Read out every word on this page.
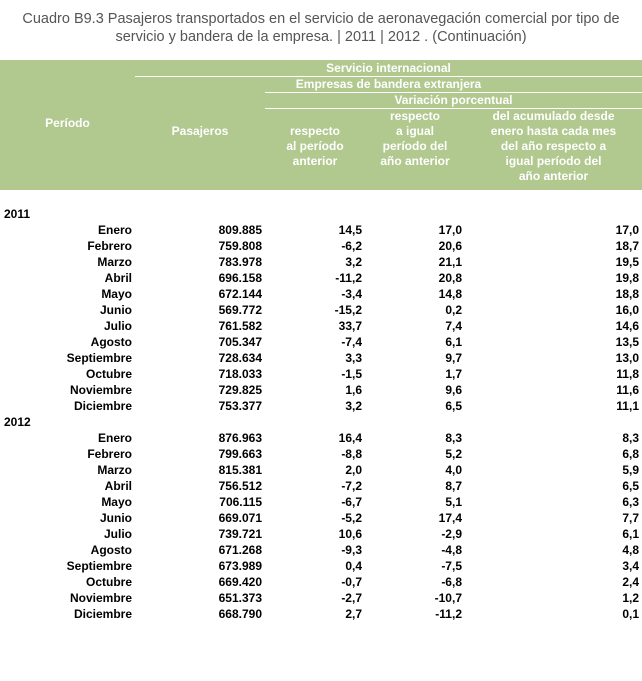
Cuadro B9.3 Pasajeros transportados en el servicio de aeronavegación comercial por tipo de
servicio y bandera de la empresa. | 2011 | 2012 . (Continuación)
Período
Servicio internacional
Empresas de bandera extranjera
Variación porcentual
Pasajeros	respecto
al período
anterior
respecto
a igual
período del
año anterior
del acumulado desde
enero hasta cada mes
del año respecto a
igual período del
año anterior
2011
Enero	809.885	14,5	17,0	17,0
Febrero	759.808	-6,2	20,6	18,7
Marzo	783.978	3,2	21,1	19,5
Abril	696.158	-11,2	20,8	19,8
Mayo	672.144	-3,4	14,8	18,8
Junio	569.772	-15,2	0,2	16,0
Julio	761.582	33,7	7,4	14,6
Agosto	705.347	-7,4	6,1	13,5
Septiembre	728.634	3,3	9,7	13,0
Octubre	718.033	-1,5	1,7	11,8
Noviembre	729.825	1,6	9,6	11,6
Diciembre	753.377	3,2	6,5	11,1
2012
Enero	876.963	16,4	8,3	8,3
Febrero	799.663	-8,8	5,2	6,8
Marzo	815.381	2,0	4,0	5,9
Abril	756.512	-7,2	8,7	6,5
Mayo	706.115	-6,7	5,1	6,3
Junio	669.071	-5,2	17,4	7,7
Julio	739.721	10,6	-2,9	6,1
Agosto	671.268	-9,3	-4,8	4,8
Septiembre	673.989	0,4	-7,5	3,4
Octubre	669.420	-0,7	-6,8	2,4
Noviembre	651.373	-2,7	-10,7	1,2
Diciembre	668.790	2,7	-11,2	0,1
